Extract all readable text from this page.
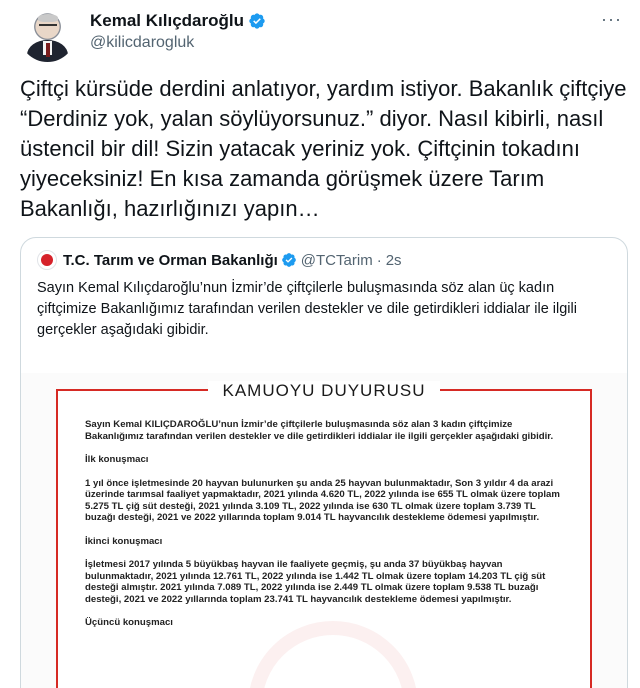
Kemal Kılıçdaroğlu
@kilicdarogluk
···
Çiftçi kürsüde derdini anlatıyor, yardım istiyor. Bakanlık çiftçiye “Derdiniz yok, yalan söylüyorsunuz.” diyor. Nasıl kibirli, nasıl üstencil bir dil! Sizin yatacak yeriniz yok. Çiftçinin tokadını yiyeceksiniz! En kısa zamanda görüşmek üzere Tarım Bakanlığı, hazırlığınızı yapın…
T.C. Tarım ve Orman Bakanlığı @TCTarim · 2s
Sayın Kemal Kılıçdaroğlu’nun İzmir’de çiftçilerle buluşmasında söz alan üç kadın çiftçimize Bakanlığımız tarafından verilen destekler ve dile getirdikleri iddialar ile ilgili gerçekler aşağıdaki gibidir.
KAMUOYU DUYURUSU

Sayın Kemal KILIÇDAROĞLU’nun İzmir’de çiftçilerle buluşmasında söz alan 3 kadın çiftçimize Bakanlığımız tarafından verilen destekler ve dile getirdikleri iddialar ile ilgili gerçekler aşağıdaki gibidir.

İlk konuşmacı

1 yıl önce işletmesinde 20 hayvan bulunurken şu anda 25 hayvan bulunmaktadır, Son 3 yıldır 4 da arazi üzerinde tarımsal faaliyet yapmaktadır, 2021 yılında 4.620 TL, 2022 yılında ise 655 TL olmak üzere toplam 5.275 TL çiğ süt desteği, 2021 yılında 3.109 TL, 2022 yılında ise 630 TL olmak üzere toplam 3.739 TL buzağı desteği, 2021 ve 2022 yıllarında toplam 9.014 TL hayvancılık destekleme ödemesi yapılmıştır.

İkinci konuşmacı

İşletmesi 2017 yılında 5 büyükbaş hayvan ile faaliyete geçmiş, şu anda 37 büyükbaş hayvan bulunmaktadır, 2021 yılında 12.761 TL, 2022 yılında ise 1.442 TL olmak üzere toplam 14.203 TL çiğ süt desteği almıştır. 2021 yılında 7.089 TL, 2022 yılında ise 2.449 TL olmak üzere toplam 9.538 TL buzağı desteği, 2021 ve 2022 yıllarında toplam 23.741 TL hayvancılık destekleme ödemesi yapılmıştır.

Üçüncü konuşmacı
